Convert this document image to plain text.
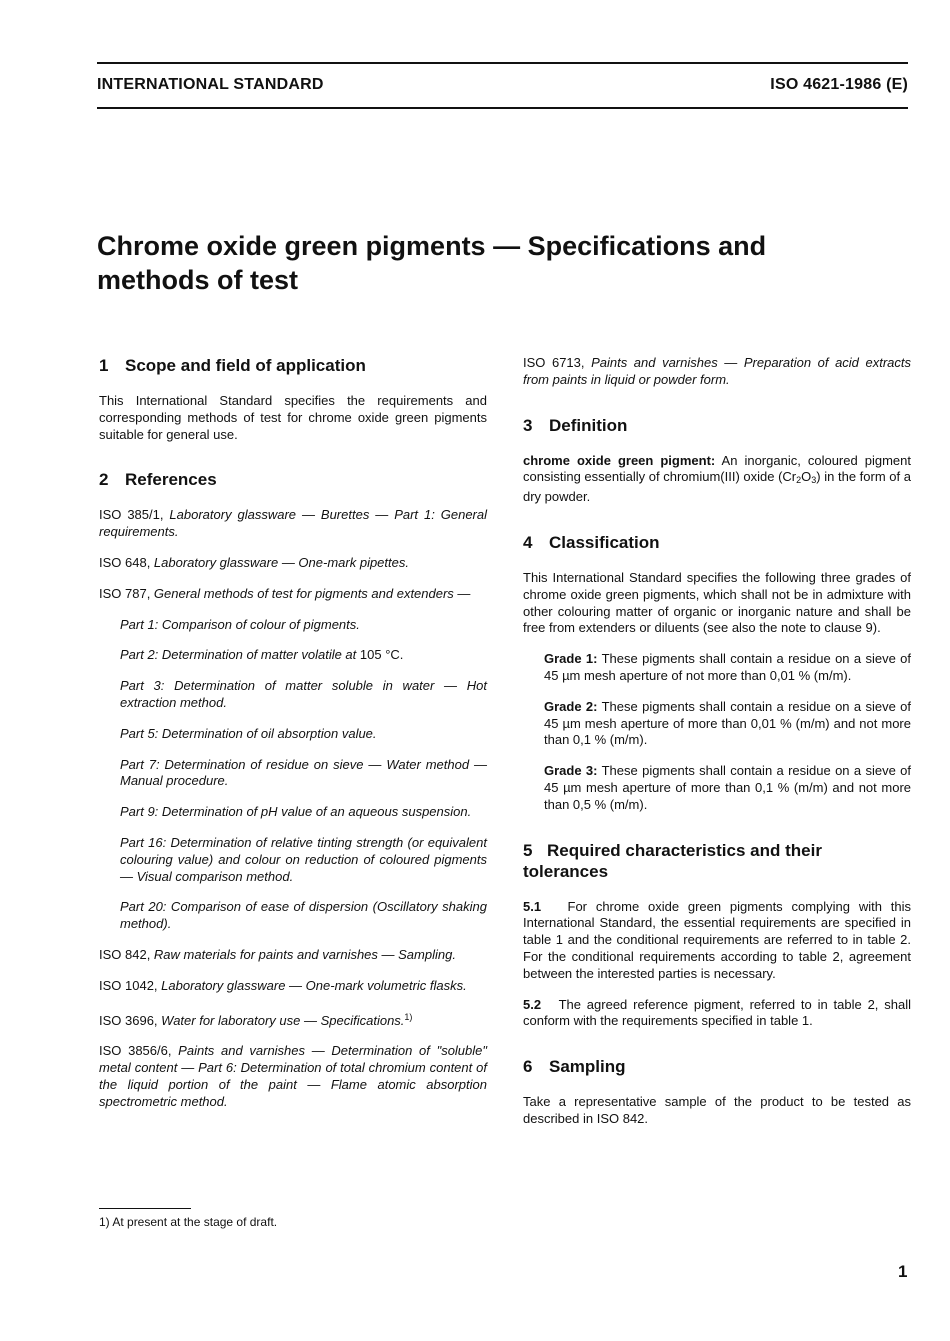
INTERNATIONAL STANDARD	ISO 4621-1986 (E)
Chrome oxide green pigments — Specifications and
methods of test
1 Scope and field of application

This International Standard specifies the requirements and corresponding methods of test for chrome oxide green pigments suitable for general use.

2 References

ISO 385/1, Laboratory glassware — Burettes — Part 1: General requirements.

ISO 648, Laboratory glassware — One-mark pipettes.

ISO 787, General methods of test for pigments and extenders —

Part 1: Comparison of colour of pigments.

Part 2: Determination of matter volatile at 105 °C.

Part 3: Determination of matter soluble in water — Hot extraction method.

Part 5: Determination of oil absorption value.

Part 7: Determination of residue on sieve — Water method — Manual procedure.

Part 9: Determination of pH value of an aqueous suspension.

Part 16: Determination of relative tinting strength (or equivalent colouring value) and colour on reduction of coloured pigments — Visual comparison method.

Part 20: Comparison of ease of dispersion (Oscillatory shaking method).

ISO 842, Raw materials for paints and varnishes — Sampling.

ISO 1042, Laboratory glassware — One-mark volumetric flasks.

ISO 3696, Water for laboratory use — Specifications.$^{1)}$

ISO 3856/6, Paints and varnishes — Determination of "soluble" metal content — Part 6: Determination of total chromium content of the liquid portion of the paint — Flame atomic absorption spectrometric method.

ISO 6713, Paints and varnishes — Preparation of acid extracts from paints in liquid or powder form.

3 Definition

chrome oxide green pigment: An inorganic, coloured pigment consisting essentially of chromium(III) oxide $(Cr_2O_3)$ in the form of a dry powder.

4 Classification

This International Standard specifies the following three grades of chrome oxide green pigments, which shall not be in admixture with other colouring matter of organic or inorganic nature and shall be free from extenders or diluents (see also the note to clause 9).

Grade 1: These pigments shall contain a residue on a sieve of 45 µm mesh aperture of not more than 0,01 % (m/m).

Grade 2: These pigments shall contain a residue on a sieve of 45 µm mesh aperture of more than 0,01 % (m/m) and not more than 0,1 % (m/m).

Grade 3: These pigments shall contain a residue on a sieve of 45 µm mesh aperture of more than 0,1 % (m/m) and not more than 0,5 % (m/m).

5 Required characteristics and their
tolerances

5.1 For chrome oxide green pigments complying with this International Standard, the essential requirements are specified in table 1 and the conditional requirements are referred to in table 2. For the conditional requirements according to table 2, agreement between the interested parties is necessary.

5.2 The agreed reference pigment, referred to in table 2, shall conform with the requirements specified in table 1.

6 Sampling

Take a representative sample of the product to be tested as described in ISO 842.

1) At present at the stage of draft.
1
